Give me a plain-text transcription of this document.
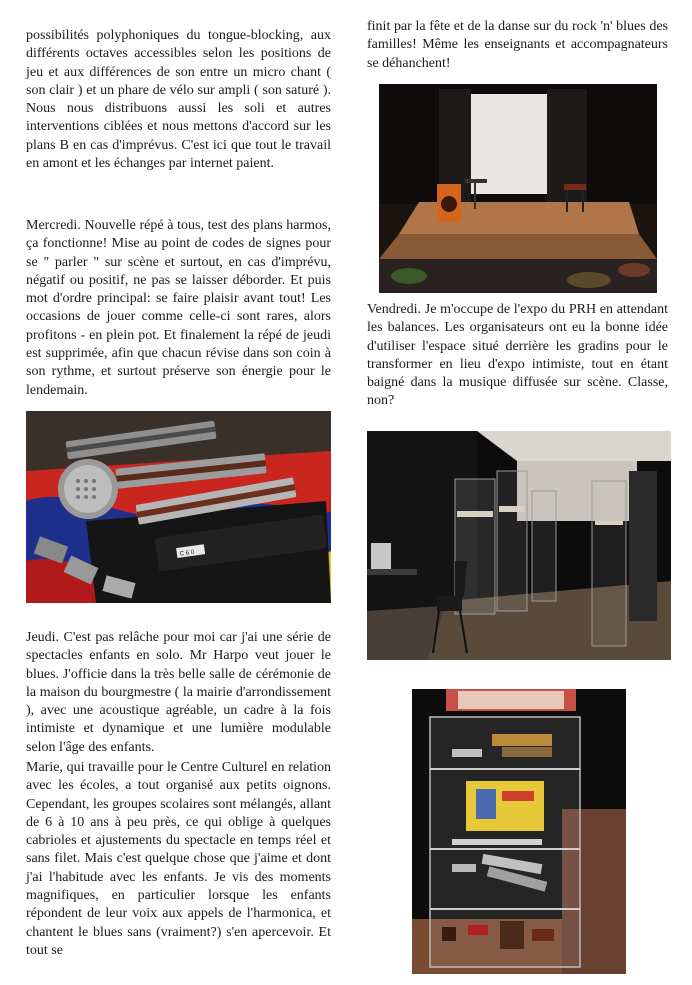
possibilités polyphoniques du tongue-blocking, aux différents octaves accessibles selon les positions de jeu et aux différences de son entre un micro chant ( son clair ) et un phare de vélo sur ampli ( son saturé ). Nous nous distribuons aussi les soli et autres interventions ciblées et nous mettons d'accord sur les plans B en cas d'imprévus. C'est ici que tout le travail en amont et les échanges par internet paient.

Mercredi. Nouvelle répé à tous, test des plans harmos, ça fonctionne! Mise au point de codes de signes pour se " parler " sur scène et surtout, en cas d'imprévu, négatif ou positif, ne pas se laisser déborder. Et puis mot d'ordre principal: se faire plaisir avant tout! Les occasions de jouer comme celle-ci sont rares, alors profitons - en plein pot. Et finalement la répé de jeudi est supprimée, afin que chacun révise dans son coin à son rythme, et surtout préserve son énergie pour le lendemain.

C 6 0

Jeudi. C'est pas relâche pour moi car j'ai une série de spectacles enfants en solo. Mr Harpo veut jouer le blues. J'officie dans la très belle salle de cérémonie de la maison du bourgmestre ( la mairie d'arrondissement ), avec une acoustique agréable, un cadre à la fois intimiste et dynamique et une lumière modulable selon l'âge des enfants.

Marie, qui travaille pour le Centre Culturel en relation avec les écoles, a tout organisé aux petits oignons. Cependant, les groupes scolaires sont mélangés, allant de 6 à 10 ans à peu près, ce qui oblige à quelques cabrioles et ajustements du spectacle en temps réel et sans filet. Mais c'est quelque chose que j'aime et dont j'ai l'habitude avec les enfants. Je vis des moments magnifiques, en particulier lorsque les enfants répondent de leur voix aux appels de l'harmonica, et chantent le blues sans (vraiment?) s'en apercevoir. Et tout se

finit par la fête et de la danse sur du rock 'n' blues des familles! Même les enseignants et accompagnateurs se déhanchent!

Vendredi. Je m'occupe de l'expo du PRH en attendant les balances. Les organisateurs ont eu la bonne idée d'utiliser l'espace situé derrière les gradins pour le transformer en lieu d'expo intimiste, tout en étant baigné dans la musique diffusée sur scène. Classe, non?
